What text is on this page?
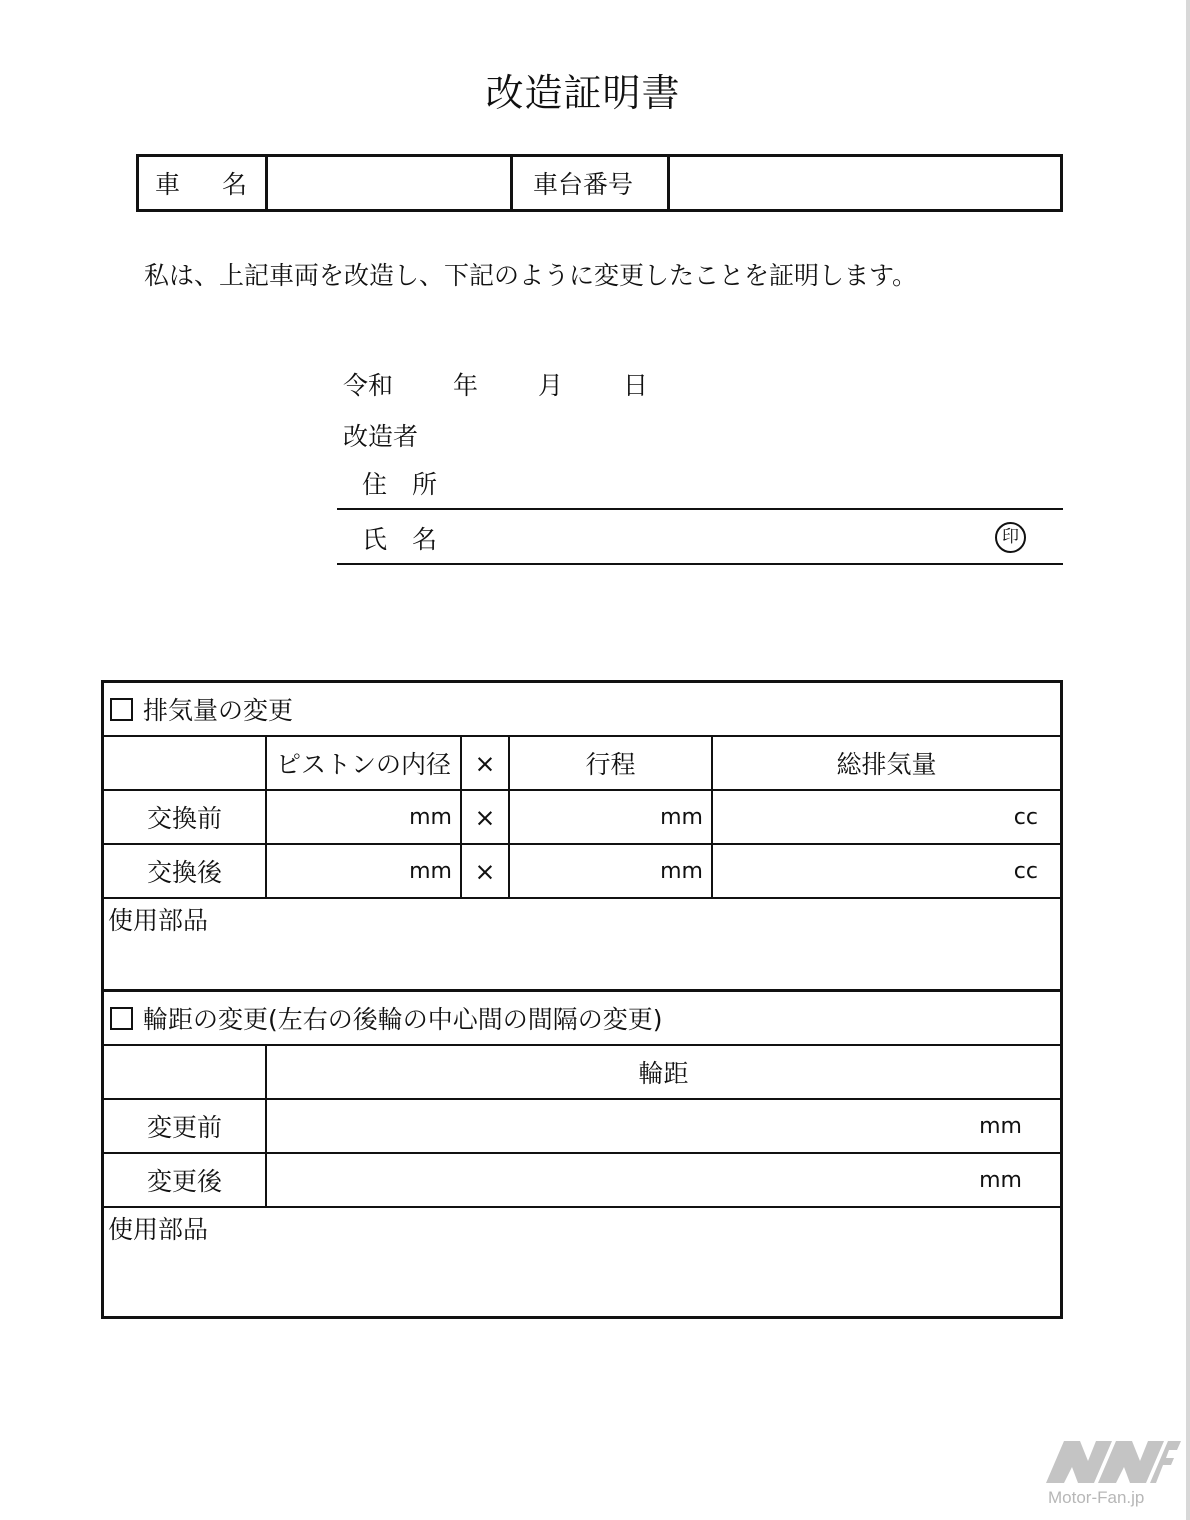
改造証明書
車 名		車台番号	
私は、上記車両を改造し、下記のように変更したことを証明します。
令和 年 月 日
改造者
住　所
氏　名	印
排気量の変更				
	ピストンの内径	×	行程	総排気量
交換前	mm	×	mm	cc
交換後	mm	×	mm	cc
使用部品				
輪距の変更(左右の後輪の中心間の間隔の変更)	
	輪距
変更前	mm
変更後	mm
使用部品	
Motor-Fan.jp
